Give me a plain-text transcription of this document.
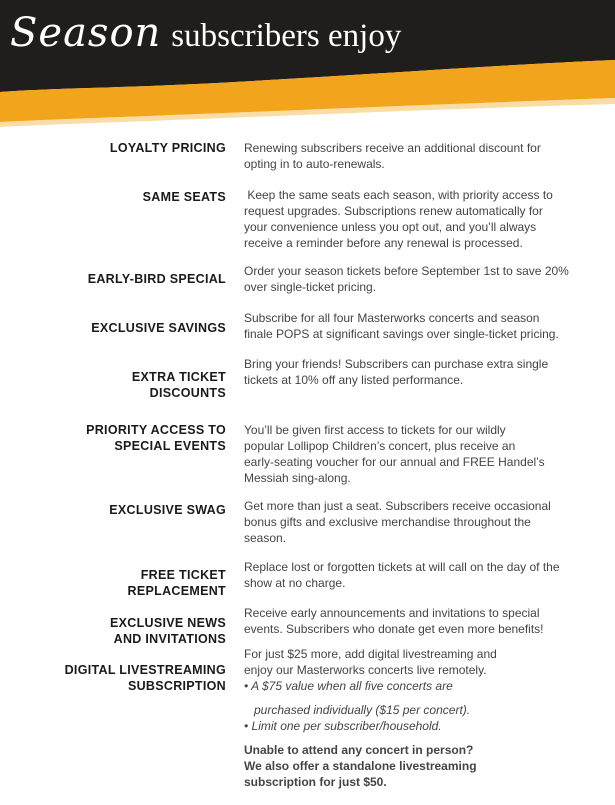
Season subscribers enjoy
LOYALTY PRICING Renewing subscribers receive an additional discount for

opting in to auto-renewals.

SAME SEATS Keep the same seats each season, with priority access to

request upgrades. Subscriptions renew automatically for

your convenience unless you opt out, and you’ll always

receive a reminder before any renewal is processed.

EARLY-BIRD SPECIAL

Order your season tickets before September 1st to save 20%

over single-ticket pricing.

EXCLUSIVE SAVINGS

Subscribe for all four Masterworks concerts and season

finale POPS at significant savings over single-ticket pricing.

EXTRA TICKET
DISCOUNTS

Bring your friends! Subscribers can purchase extra single

tickets at 10% off any listed performance.

PRIORITY ACCESS TO
SPECIAL EVENTS

You’ll be given first access to tickets for our wildly

popular Lollipop Children’s concert, plus receive an

early-seating voucher for our annual and FREE Handel’s

Messiah sing-along.

EXCLUSIVE SWAG Get more than just a seat. Subscribers receive occasional

bonus gifts and exclusive merchandise throughout the

season.

FREE TICKET
REPLACEMENT

Replace lost or forgotten tickets at will call on the day of the

show at no charge.

EXCLUSIVE NEWS
AND INVITATIONS

Receive early announcements and invitations to special

events. Subscribers who donate get even more benefits!

DIGITAL LIVESTREAMING
SUBSCRIPTION

For just $25 more, add digital livestreaming and

enjoy our Masterworks concerts live remotely.

• A $75 value when all five concerts are

purchased individually ($15 per concert).

• Limit one per subscriber/household.

Unable to attend any concert in person?

We also offer a standalone livestreaming

subscription for just $50.
